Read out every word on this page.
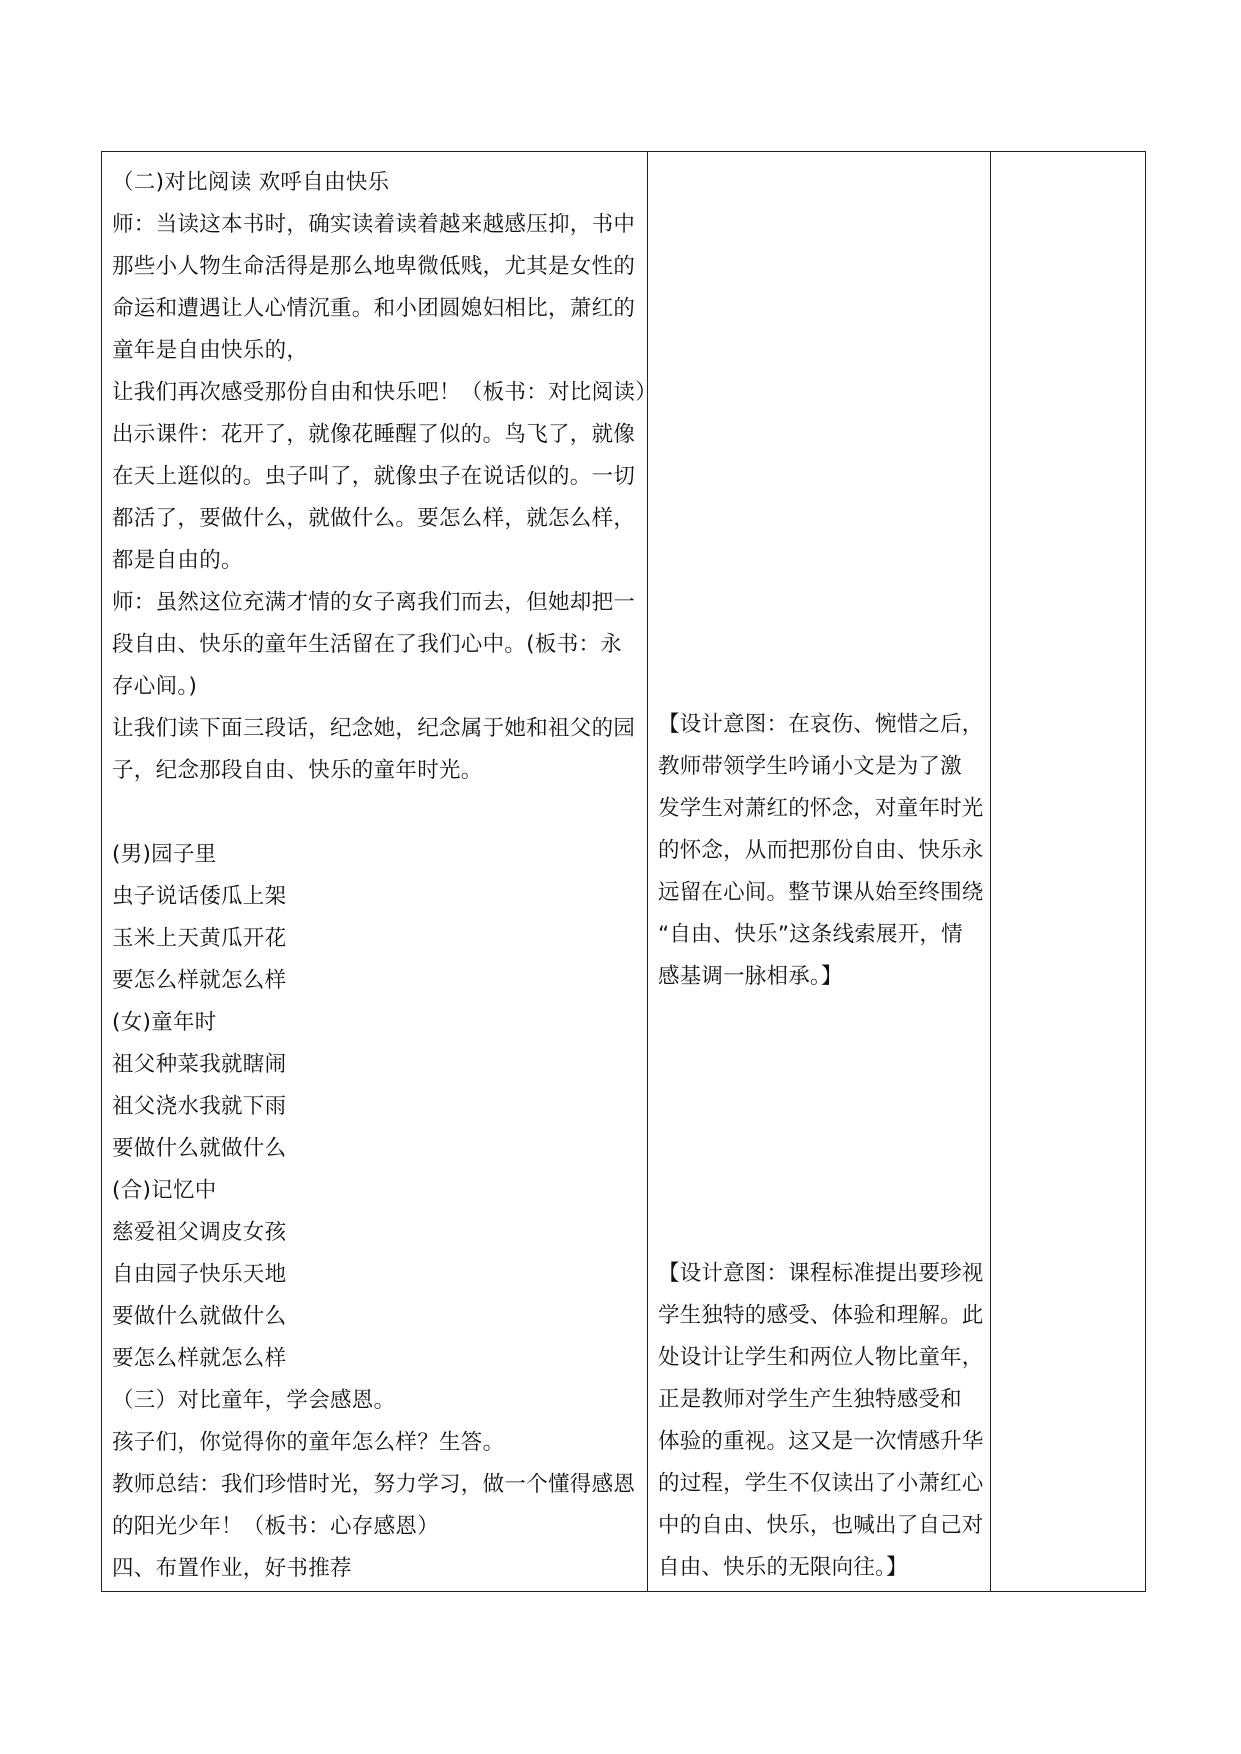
（二)对比阅读 欢呼自由快乐
师：当读这本书时，确实读着读着越来越感压抑，书中
那些小人物生命活得是那么地卑微低贱，尤其是女性的
命运和遭遇让人心情沉重。和小团圆媳妇相比，萧红的
童年是自由快乐的，
让我们再次感受那份自由和快乐吧！（板书：对比阅读）
出示课件：花开了，就像花睡醒了似的。鸟飞了，就像
在天上逛似的。虫子叫了，就像虫子在说话似的。一切
都活了，要做什么，就做什么。要怎么样，就怎么样，
都是自由的。
师：虽然这位充满才情的女子离我们而去，但她却把一
段自由、快乐的童年生活留在了我们心中。(板书：永
存心间。)
让我们读下面三段话，纪念她，纪念属于她和祖父的园
子，纪念那段自由、快乐的童年时光。
(男)园子里
虫子说话倭瓜上架
玉米上天黄瓜开花
要怎么样就怎么样
(女)童年时
祖父种菜我就瞎闹
祖父浇水我就下雨
要做什么就做什么
(合)记忆中
慈爱祖父调皮女孩
自由园子快乐天地
要做什么就做什么
要怎么样就怎么样
（三）对比童年，学会感恩。
孩子们，你觉得你的童年怎么样？生答。
教师总结：我们珍惜时光，努力学习，做一个懂得感恩
的阳光少年！（板书：心存感恩）
四、布置作业，好书推荐
【设计意图：在哀伤、惋惜之后，
教师带领学生吟诵小文是为了激
发学生对萧红的怀念，对童年时光
的怀念，从而把那份自由、快乐永
远留在心间。整节课从始至终围绕
“自由、快乐”这条线索展开，情
感基调一脉相承。】
【设计意图：课程标准提出要珍视
学生独特的感受、体验和理解。此
处设计让学生和两位人物比童年，
正是教师对学生产生独特感受和
体验的重视。这又是一次情感升华
的过程，学生不仅读出了小萧红心
中的自由、快乐，也喊出了自己对
自由、快乐的无限向往。】
